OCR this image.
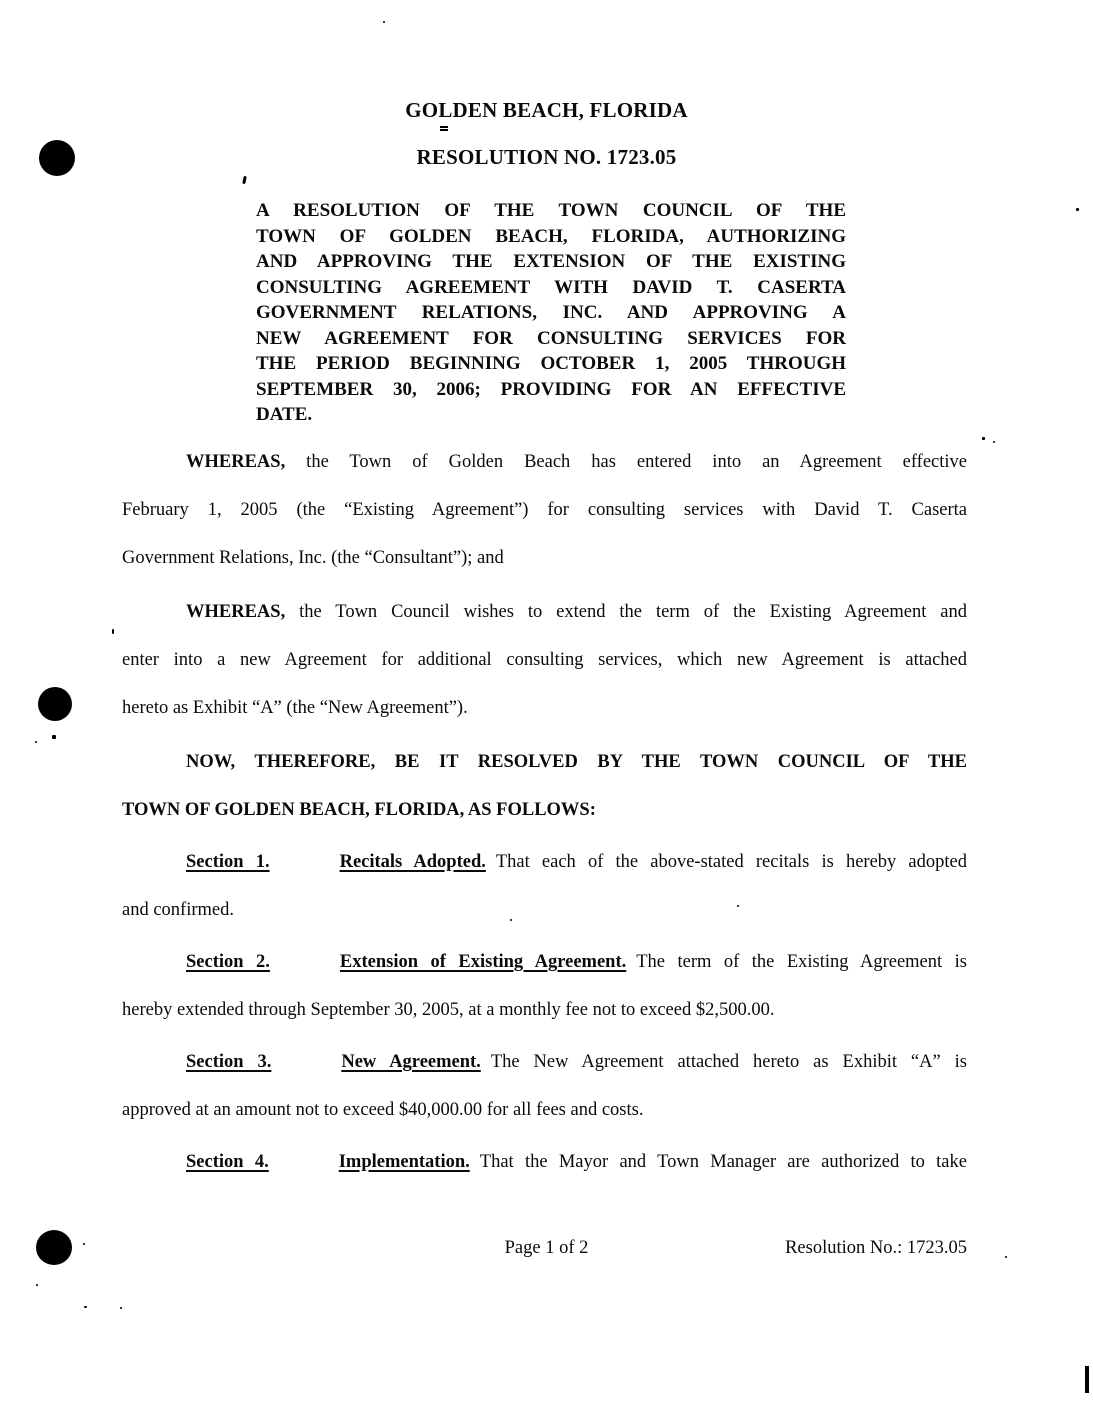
GOLDEN BEACH, FLORIDA
RESOLUTION NO. 1723.05
A RESOLUTION OF THE TOWN COUNCIL OF THE
TOWN OF GOLDEN BEACH, FLORIDA, AUTHORIZING
AND APPROVING THE EXTENSION OF THE EXISTING
CONSULTING AGREEMENT WITH DAVID T. CASERTA
GOVERNMENT RELATIONS, INC. AND APPROVING A
NEW AGREEMENT FOR CONSULTING SERVICES FOR
THE PERIOD BEGINNING OCTOBER 1, 2005 THROUGH
SEPTEMBER 30, 2006; PROVIDING FOR AN EFFECTIVE
DATE.
WHEREAS, the Town of Golden Beach has entered into an Agreement effective
February 1, 2005 (the “Existing Agreement”) for consulting services with David T. Caserta
Government Relations, Inc. (the “Consultant”); and
WHEREAS, the Town Council wishes to extend the term of the Existing Agreement and
enter into a new Agreement for additional consulting services, which new Agreement is attached
hereto as Exhibit “A” (the “New Agreement”).
NOW, THEREFORE, BE IT RESOLVED BY THE TOWN COUNCIL OF THE
TOWN OF GOLDEN BEACH, FLORIDA, AS FOLLOWS:
Section 1.	Recitals Adopted. That each of the above-stated recitals is hereby adopted
and confirmed.
Section 2.	Extension of Existing Agreement. The term of the Existing Agreement is
hereby extended through September 30, 2005, at a monthly fee not to exceed $2,500.00.
Section 3.	New Agreement. The New Agreement attached hereto as Exhibit “A” is
approved at an amount not to exceed $40,000.00 for all fees and costs.
Section 4.	Implementation. That the Mayor and Town Manager are authorized to take
Page 1 of 2	Resolution No.: 1723.05
